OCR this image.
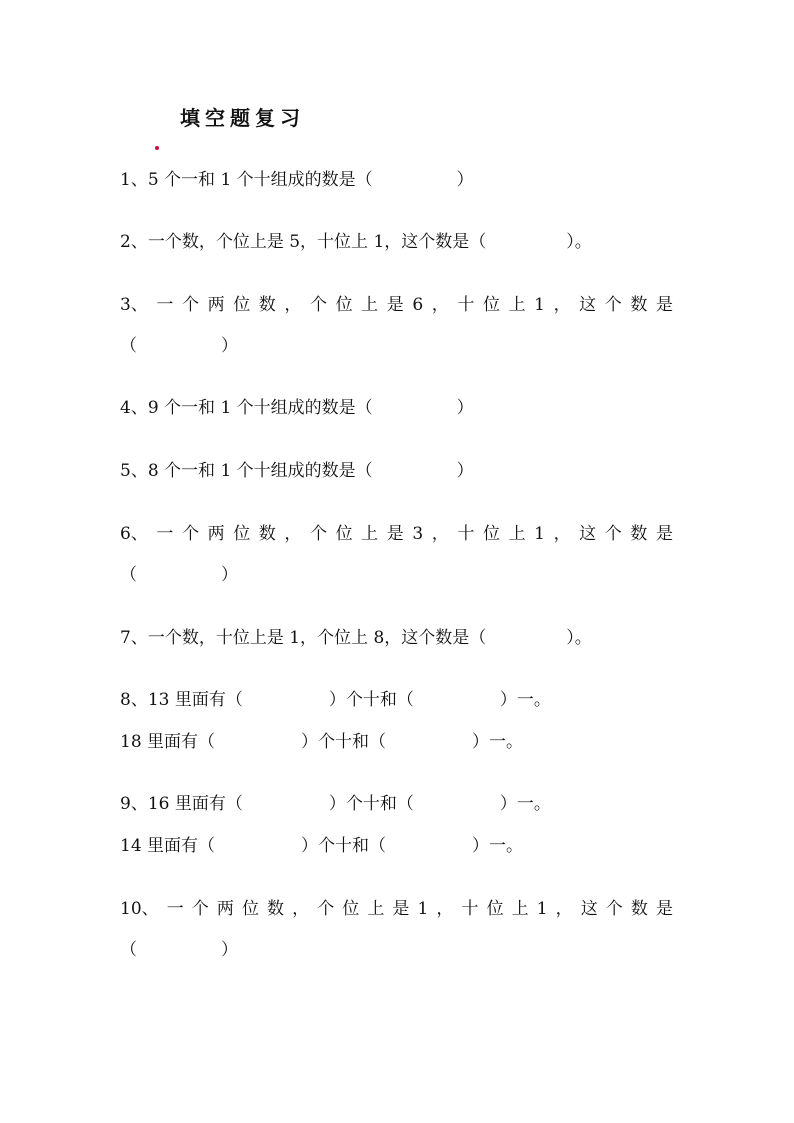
填空题复习
1、5 个一和 1 个十组成的数是（	）
2、一个数，个位上是 5，十位上 1，这个数是（	）。
3、 一 个 两 位 数 ， 个 位 上 是 6 ， 十 位 上 1 ， 这 个 数 是
（	）
4、9 个一和 1 个十组成的数是（	）
5、8 个一和 1 个十组成的数是（	）
6、 一 个 两 位 数 ， 个 位 上 是 3 ， 十 位 上 1 ， 这 个 数 是
（	）
7、一个数，十位上是 1，个位上 8，这个数是（	）。
8、13 里面有（	）个十和（	）一。
18 里面有（	）个十和（	）一。
9、16 里面有（	）个十和（	）一。
14 里面有（	）个十和（	）一。
10、 一 个 两 位 数 ， 个 位 上 是 1 ， 十 位 上 1 ， 这 个 数 是
（	）
